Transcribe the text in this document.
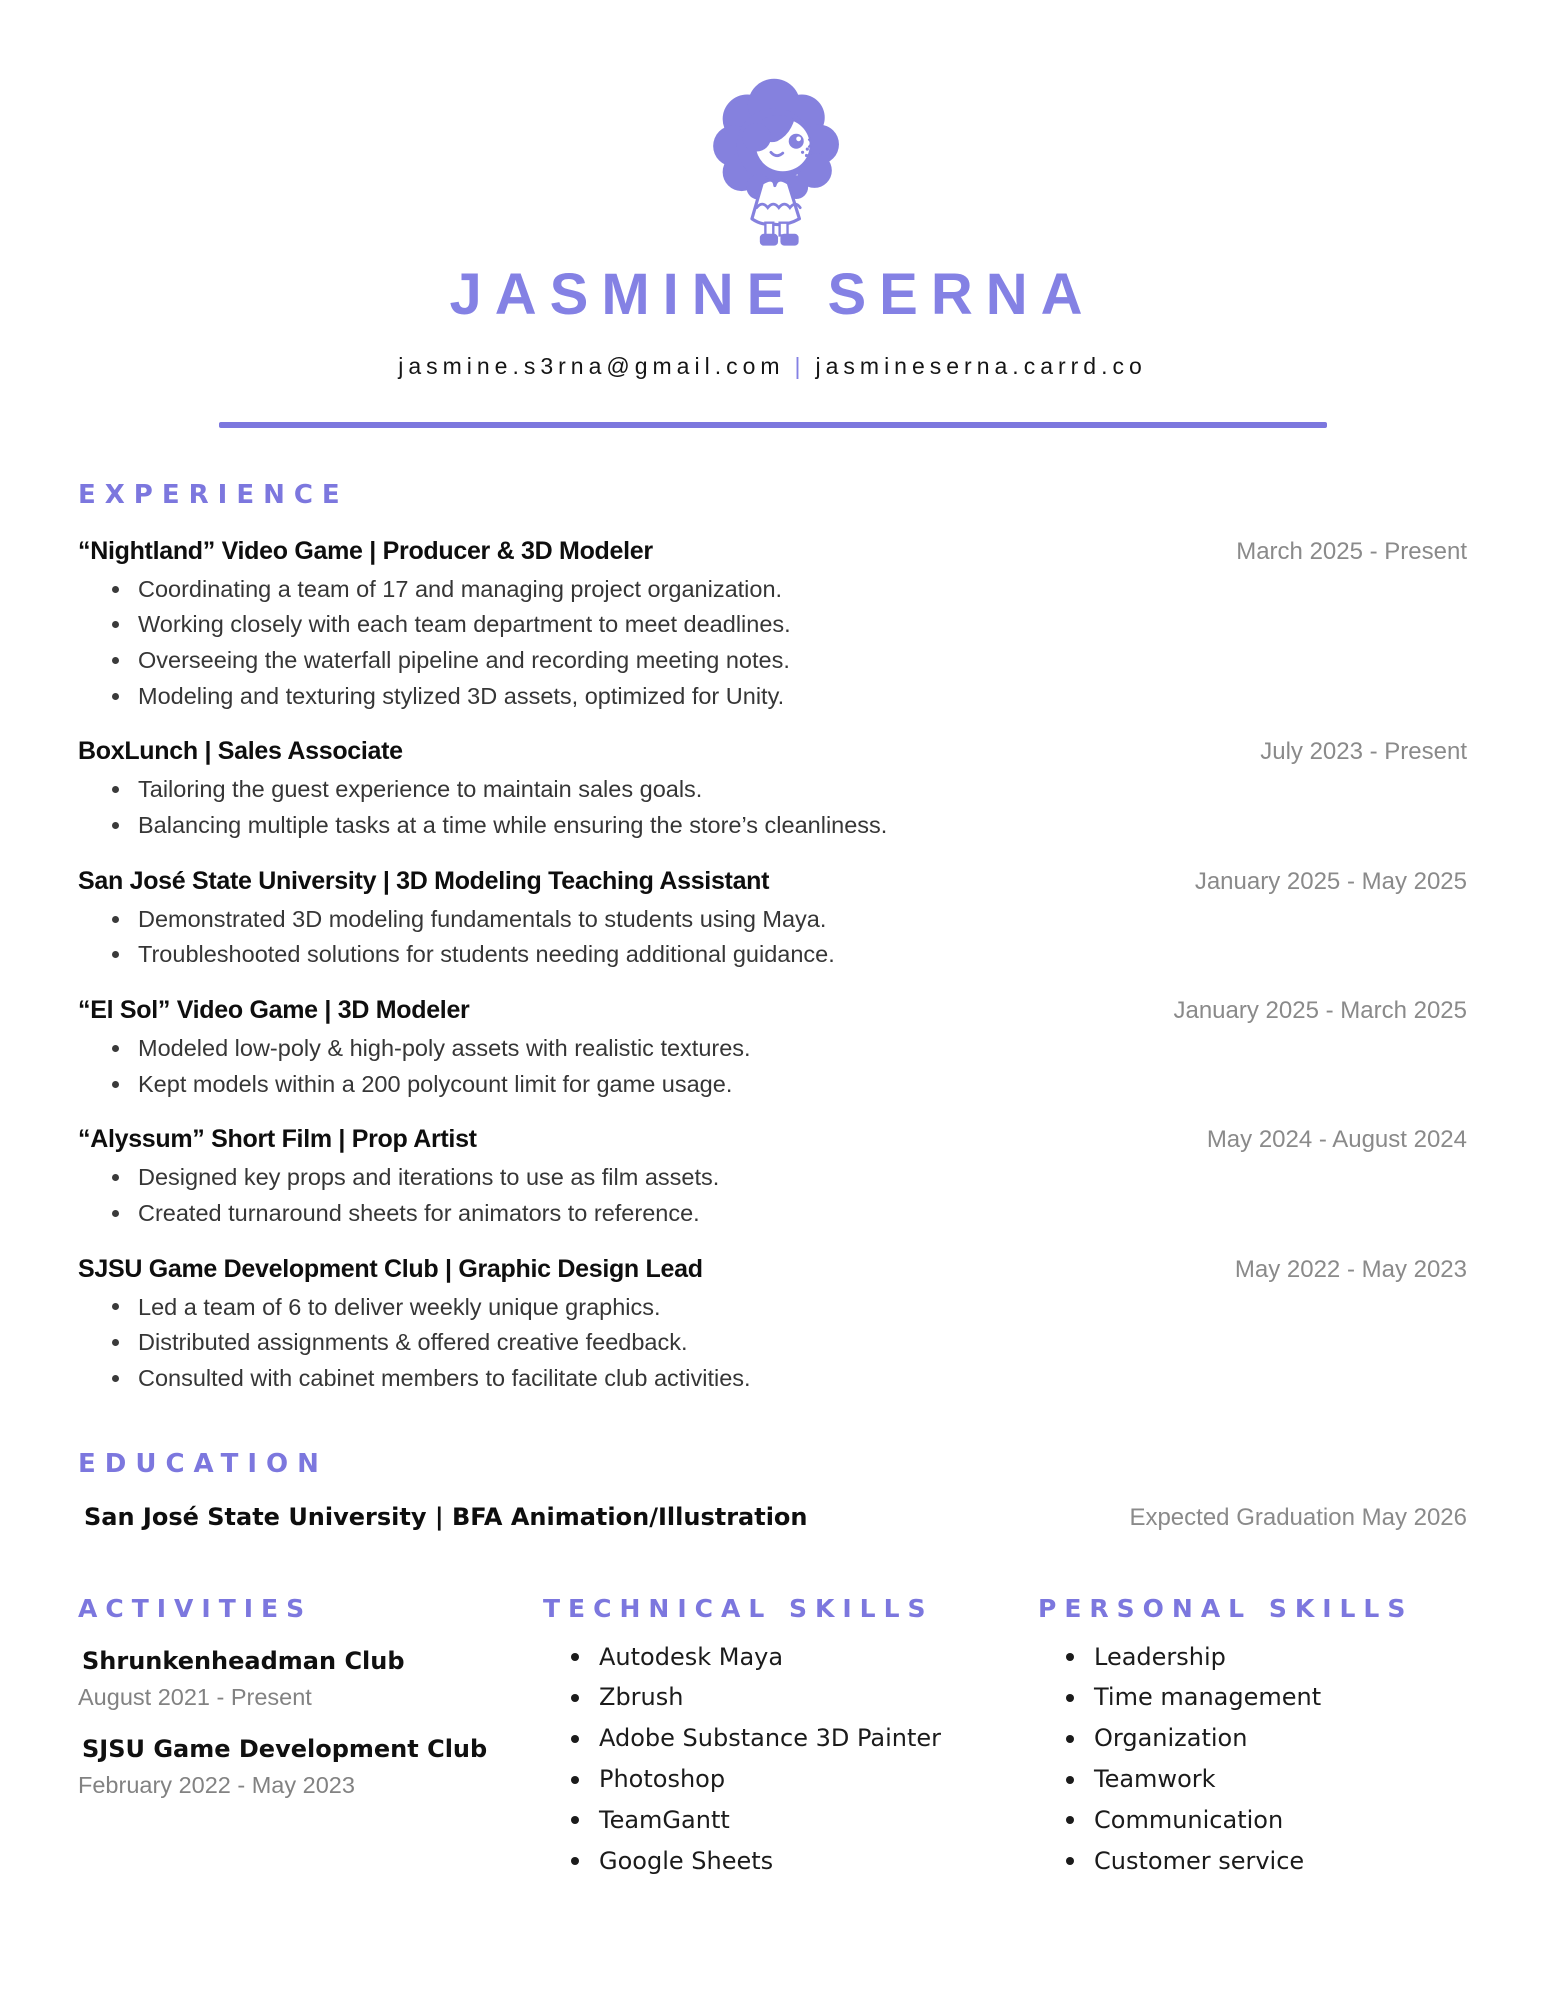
JASMINE SERNA
jasmine.s3rna@gmail.com | jasmineserna.carrd.co
EXPERIENCE
“Nightland” Video Game | Producer & 3D Modeler	March 2025 - Present
Coordinating a team of 17 and managing project organization.
Working closely with each team department to meet deadlines.
Overseeing the waterfall pipeline and recording meeting notes.
Modeling and texturing stylized 3D assets, optimized for Unity.
BoxLunch | Sales Associate	July 2023 - Present
Tailoring the guest experience to maintain sales goals.
Balancing multiple tasks at a time while ensuring the store’s cleanliness.
San José State University | 3D Modeling Teaching Assistant	January 2025 - May 2025
Demonstrated 3D modeling fundamentals to students using Maya.
Troubleshooted solutions for students needing additional guidance.
“El Sol” Video Game | 3D Modeler	January 2025 - March 2025
Modeled low-poly & high-poly assets with realistic textures.
Kept models within a 200 polycount limit for game usage.
“Alyssum” Short Film | Prop Artist	May 2024 - August 2024
Designed key props and iterations to use as film assets.
Created turnaround sheets for animators to reference.
SJSU Game Development Club | Graphic Design Lead	May 2022 - May 2023
Led a team of 6 to deliver weekly unique graphics.
Distributed assignments & offered creative feedback.
Consulted with cabinet members to facilitate club activities.
EDUCATION
San José State University | BFA Animation/Illustration	Expected Graduation May 2026
ACTIVITIES
Shrunkenheadman Club
August 2021 - Present
SJSU Game Development Club
February 2022 - May 2023
TECHNICAL SKILLS
Autodesk Maya
Zbrush
Adobe Substance 3D Painter
Photoshop
TeamGantt
Google Sheets
PERSONAL SKILLS
Leadership
Time management
Organization
Teamwork
Communication
Customer service
